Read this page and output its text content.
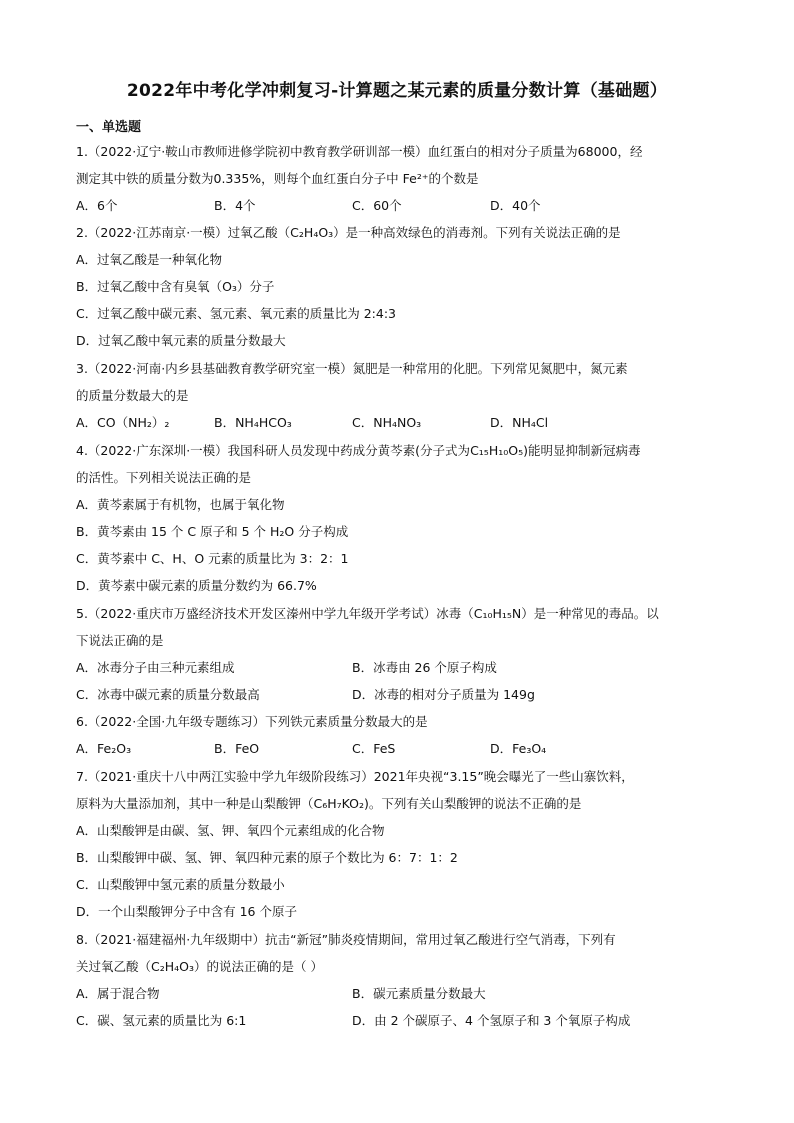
2022年中考化学冲刺复习-计算题之某元素的质量分数计算（基础题）
一、单选题
1.（2022·辽宁·鞍山市教师进修学院初中教育教学研训部一模）血红蛋白的相对分子质量为68000，经
测定其中铁的质量分数为0.335%，则每个血红蛋白分子中 Fe²⁺的个数是
A．6个	B．4个	C．60个	D．40个
2.（2022·江苏南京·一模）过氧乙酸（C₂H₄O₃）是一种高效绿色的消毒剂。下列有关说法正确的是
A．过氧乙酸是一种氧化物
B．过氧乙酸中含有臭氧（O₃）分子
C．过氧乙酸中碳元素、氢元素、氧元素的质量比为 2:4:3
D．过氧乙酸中氧元素的质量分数最大
3.（2022·河南·内乡县基础教育教学研究室一模）氮肥是一种常用的化肥。下列常见氮肥中，氮元素
的质量分数最大的是
A．CO（NH₂）₂	B．NH₄HCO₃	C．NH₄NO₃	D．NH₄Cl
4.（2022·广东深圳·一模）我国科研人员发现中药成分黄芩素(分子式为C₁₅H₁₀O₅)能明显抑制新冠病毒
的活性。下列相关说法正确的是
A．黄芩素属于有机物，也属于氧化物
B．黄芩素由 15 个 C 原子和 5 个 H₂O 分子构成
C．黄芩素中 C、H、O 元素的质量比为 3：2：1
D．黄芩素中碳元素的质量分数约为 66.7%
5.（2022·重庆市万盛经济技术开发区溱州中学九年级开学考试）冰毒（C₁₀H₁₅N）是一种常见的毒品。以
下说法正确的是
A．冰毒分子由三种元素组成	B．冰毒由 26 个原子构成
C．冰毒中碳元素的质量分数最高	D．冰毒的相对分子质量为 149g
6.（2022·全国·九年级专题练习）下列铁元素质量分数最大的是
A．Fe₂O₃	B．FeO	C．FeS	D．Fe₃O₄
7.（2021·重庆十八中两江实验中学九年级阶段练习）2021年央视“3.15”晚会曝光了一些山寨饮料，
原料为大量添加剂，其中一种是山梨酸钾（C₆H₇KO₂)。下列有关山梨酸钾的说法不正确的是
A．山梨酸钾是由碳、氢、钾、氧四个元素组成的化合物
B．山梨酸钾中碳、氢、钾、氧四种元素的原子个数比为 6：7：1：2
C．山梨酸钾中氢元素的质量分数最小
D．一个山梨酸钾分子中含有 16 个原子
8.（2021·福建福州·九年级期中）抗击“新冠”肺炎疫情期间，常用过氧乙酸进行空气消毒，下列有
关过氧乙酸（C₂H₄O₃）的说法正确的是（ ）
A．属于混合物	B．碳元素质量分数最大
C．碳、氢元素的质量比为 6:1	D．由 2 个碳原子、4 个氢原子和 3 个氧原子构成
